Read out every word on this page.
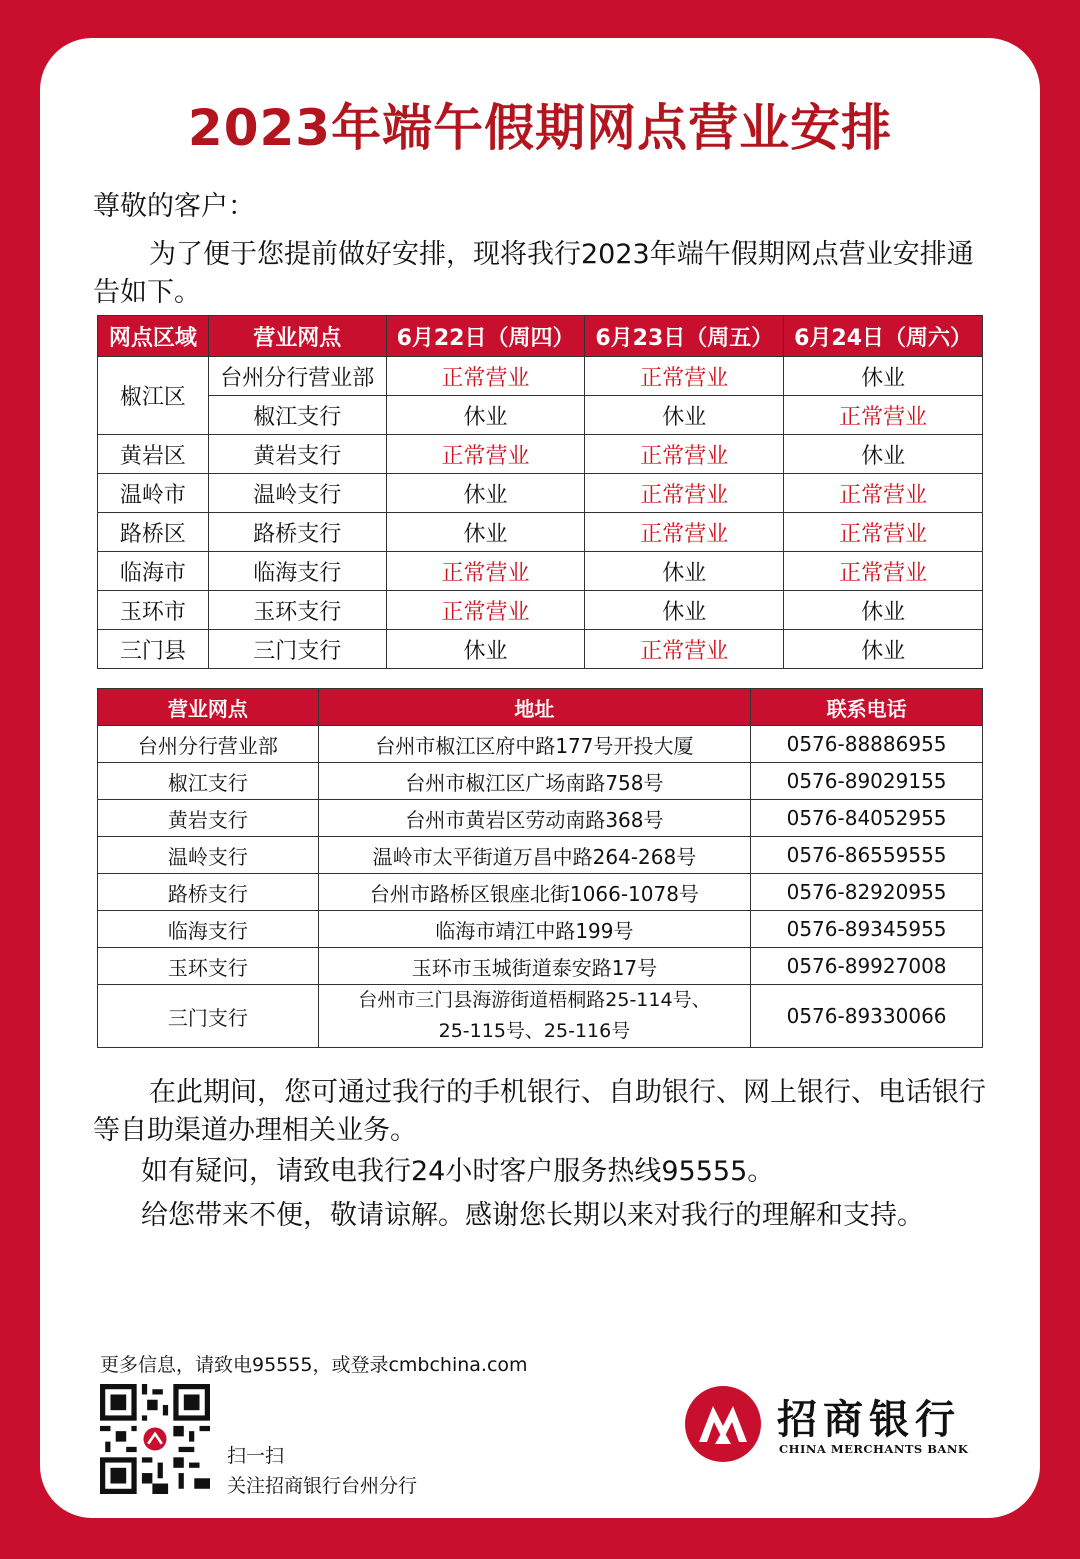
2023年端午假期网点营业安排
尊敬的客户：
为了便于您提前做好安排，现将我行2023年端午假期网点营业安排通告如下。
网点区域	营业网点	6月22日（周四）	6月23日（周五）	6月24日（周六）
椒江区	台州分行营业部	正常营业	正常营业	休业
	椒江支行	休业	休业	正常营业
黄岩区	黄岩支行	正常营业	正常营业	休业
温岭市	温岭支行	休业	正常营业	正常营业
路桥区	路桥支行	休业	正常营业	正常营业
临海市	临海支行	正常营业	休业	正常营业
玉环市	玉环支行	正常营业	休业	休业
三门县	三门支行	休业	正常营业	休业
营业网点	地址	联系电话
台州分行营业部	台州市椒江区府中路177号开投大厦	0576-88886955
椒江支行	台州市椒江区广场南路758号	0576-89029155
黄岩支行	台州市黄岩区劳动南路368号	0576-84052955
温岭支行	温岭市太平街道万昌中路264-268号	0576-86559555
路桥支行	台州市路桥区银座北街1066-1078号	0576-82920955
临海支行	临海市靖江中路199号	0576-89345955
玉环支行	玉环市玉城街道泰安路17号	0576-89927008
三门支行	台州市三门县海游街道梧桐路25-114号、
25-115号、25-116号	0576-89330066
在此期间，您可通过我行的手机银行、自助银行、网上银行、电话银行等自助渠道办理相关业务。
如有疑问，请致电我行24小时客户服务热线95555。
给您带来不便，敬请谅解。感谢您长期以来对我行的理解和支持。
更多信息，请致电95555，或登录cmbchina.com
扫一扫
关注招商银行台州分行
招商银行
CHINA MERCHANTS BANK
